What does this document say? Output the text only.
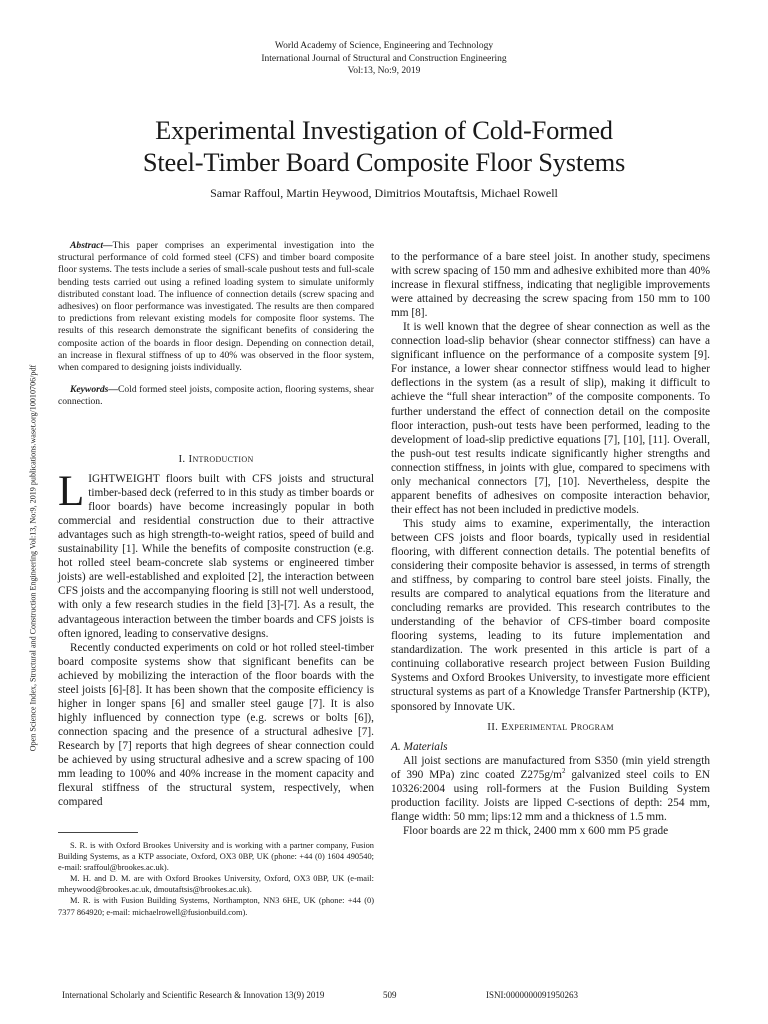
World Academy of Science, Engineering and Technology
International Journal of Structural and Construction Engineering
Vol:13, No:9, 2019
Experimental Investigation of Cold-Formed
Steel-Timber Board Composite Floor Systems
Samar Raffoul, Martin Heywood, Dimitrios Moutaftsis, Michael Rowell
Open Science Index, Structural and Construction Engineering Vol:13, No:9, 2019 publications.waset.org/10010706/pdf

Abstract—This paper comprises an experimental investigation into the structural performance of cold formed steel (CFS) and timber board composite floor systems. The tests include a series of small-scale pushout tests and full-scale bending tests carried out using a refined loading system to simulate uniformly distributed constant load. The influence of connection details (screw spacing and adhesives) on floor performance was investigated. The results are then compared to predictions from relevant existing models for composite floor systems. The results of this research demonstrate the significant benefits of considering the composite action of the boards in floor design. Depending on connection detail, an increase in flexural stiffness of up to 40% was observed in the floor system, when compared to designing joists individually.

Keywords—Cold formed steel joists, composite action, flooring systems, shear connection.

I. Introduction

LIGHTWEIGHT floors built with CFS joists and structural timber-based deck (referred to in this study as timber boards or floor boards) have become increasingly popular in both commercial and residential construction due to their attractive advantages such as high strength-to-weight ratios, speed of build and sustainability [1]. While the benefits of composite construction (e.g. hot rolled steel beam-concrete slab systems or engineered timber joists) are well-established and exploited [2], the interaction between CFS joists and the accompanying flooring is still not well understood, with only a few research studies in the field [3]-[7]. As a result, the advantageous interaction between the timber boards and CFS joists is often ignored, leading to conservative designs.

Recently conducted experiments on cold or hot rolled steel-timber board composite systems show that significant benefits can be achieved by mobilizing the interaction of the floor boards with the steel joists [6]-[8]. It has been shown that the composite efficiency is higher in longer spans [6] and smaller steel gauge [7]. It is also highly influenced by connection type (e.g. screws or bolts [6]), connection spacing and the presence of a structural adhesive [7]. Research by [7] reports that high degrees of shear connection could be achieved by using structural adhesive and a screw spacing of 100 mm leading to 100% and 40% increase in the moment capacity and flexural stiffness of the structural system, respectively, when compared

S. R. is with Oxford Brookes University and is working with a partner company, Fusion Building Systems, as a KTP associate, Oxford, OX3 0BP, UK (phone: +44 (0) 1604 490540; e-mail: sraffoul@brookes.ac.uk).

M. H. and D. M. are with Oxford Brookes University, Oxford, OX3 0BP, UK (e-mail: mheywood@brookes.ac.uk, dmoutaftsis@brookes.ac.uk).

M. R. is with Fusion Building Systems, Northampton, NN3 6HE, UK (phone: +44 (0) 7377 864920; e-mail: michaelrowell@fusionbuild.com).

to the performance of a bare steel joist. In another study, specimens with screw spacing of 150 mm and adhesive exhibited more than 40% increase in flexural stiffness, indicating that negligible improvements were attained by decreasing the screw spacing from 150 mm to 100 mm [8].

It is well known that the degree of shear connection as well as the connection load-slip behavior (shear connector stiffness) can have a significant influence on the performance of a composite system [9]. For instance, a lower shear connector stiffness would lead to higher deflections in the system (as a result of slip), making it difficult to achieve the “full shear interaction” of the composite components. To further understand the effect of connection detail on the composite floor interaction, push-out tests have been performed, leading to the development of load-slip predictive equations [7], [10], [11]. Overall, the push-out test results indicate significantly higher strengths and connection stiffness, in joints with glue, compared to specimens with only mechanical connectors [7], [10]. Nevertheless, despite the apparent benefits of adhesives on composite interaction behavior, their effect has not been included in predictive models.

This study aims to examine, experimentally, the interaction between CFS joists and floor boards, typically used in residential flooring, with different connection details. The potential benefits of considering their composite behavior is assessed, in terms of strength and stiffness, by comparing to control bare steel joists. Finally, the results are compared to analytical equations from the literature and concluding remarks are provided. This research contributes to the understanding of the behavior of CFS-timber board composite flooring systems, leading to its future implementation and standardization. The work presented in this article is part of a continuing collaborative research project between Fusion Building Systems and Oxford Brookes University, to investigate more efficient structural systems as part of a Knowledge Transfer Partnership (KTP), sponsored by Innovate UK.

II. Experimental Program

A. Materials

All joist sections are manufactured from S350 (min yield strength of 390 MPa) zinc coated $Z275g/m^2$ galvanized steel coils to EN 10326:2004 using roll-formers at the Fusion Building System production facility. Joists are lipped C-sections of depth: 254 mm, flange width: 50 mm; lips:12 mm and a thickness of 1.5 mm.

Floor boards are 22 m thick, 2400 mm x 600 mm P5 grade

International Scholarly and Scientific Research & Innovation 13(9) 2019	509	ISNI:0000000091950263
